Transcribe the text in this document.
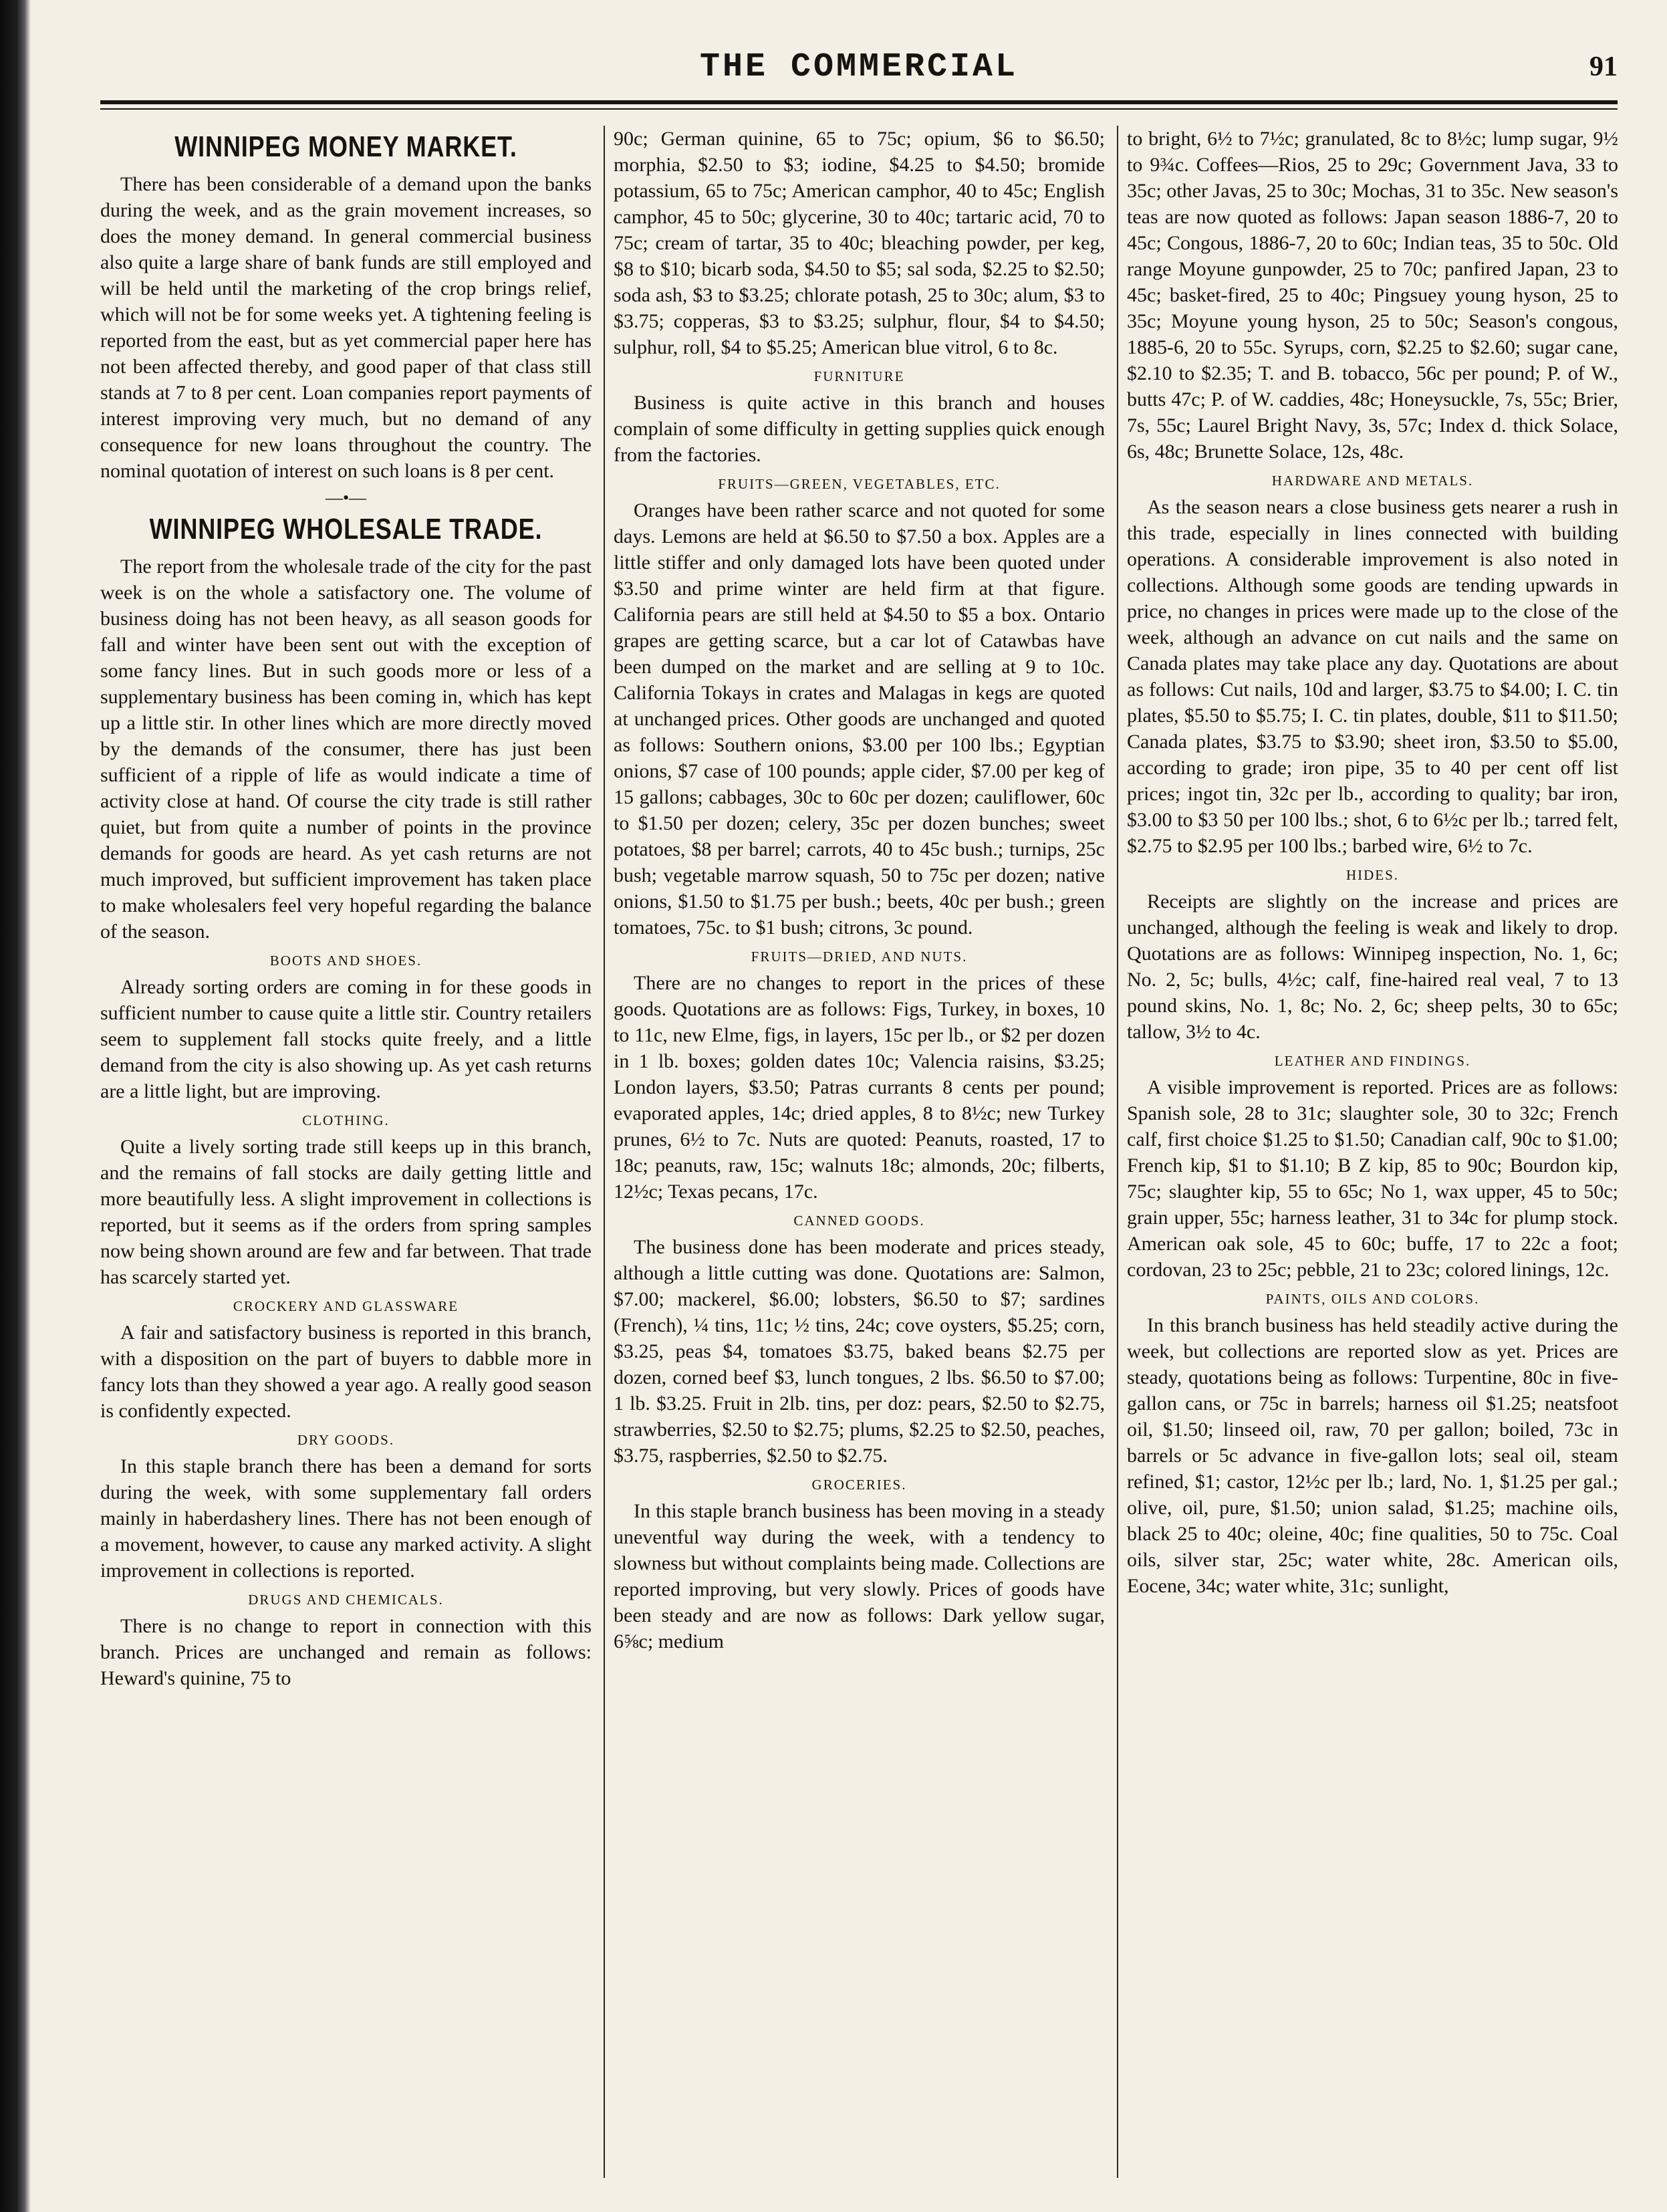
THE COMMERCIAL	91
WINNIPEG MONEY MARKET.

There has been considerable of a demand upon the banks during the week, and as the grain movement increases, so does the money demand. In general commercial business also quite a large share of bank funds are still employed and will be held until the marketing of the crop brings relief, which will not be for some weeks yet. A tightening feeling is reported from the east, but as yet commercial paper here has not been affected thereby, and good paper of that class still stands at 7 to 8 per cent. Loan companies report payments of interest improving very much, but no demand of any consequence for new loans throughout the country. The nominal quotation of interest on such loans is 8 per cent.

—•—
WINNIPEG WHOLESALE TRADE.

The report from the wholesale trade of the city for the past week is on the whole a satisfactory one. The volume of business doing has not been heavy, as all season goods for fall and winter have been sent out with the exception of some fancy lines. But in such goods more or less of a supplementary business has been coming in, which has kept up a little stir. In other lines which are more directly moved by the demands of the consumer, there has just been sufficient of a ripple of life as would indicate a time of activity close at hand. Of course the city trade is still rather quiet, but from quite a number of points in the province demands for goods are heard. As yet cash returns are not much improved, but sufficient improvement has taken place to make wholesalers feel very hopeful regarding the balance of the season.

BOOTS AND SHOES.

Already sorting orders are coming in for these goods in sufficient number to cause quite a little stir. Country retailers seem to supplement fall stocks quite freely, and a little demand from the city is also showing up. As yet cash returns are a little light, but are improving.

CLOTHING.

Quite a lively sorting trade still keeps up in this branch, and the remains of fall stocks are daily getting little and more beautifully less. A slight improvement in collections is reported, but it seems as if the orders from spring samples now being shown around are few and far between. That trade has scarcely started yet.

CROCKERY AND GLASSWARE

A fair and satisfactory business is reported in this branch, with a disposition on the part of buyers to dabble more in fancy lots than they showed a year ago. A really good season is confidently expected.

DRY GOODS.

In this staple branch there has been a demand for sorts during the week, with some supplementary fall orders mainly in haberdashery lines. There has not been enough of a movement, however, to cause any marked activity. A slight improvement in collections is reported.

DRUGS AND CHEMICALS.

There is no change to report in connection with this branch. Prices are unchanged and remain as follows: Heward's quinine, 75 to

90c; German quinine, 65 to 75c; opium, $6 to $6.50; morphia, $2.50 to $3; iodine, $4.25 to $4.50; bromide potassium, 65 to 75c; American camphor, 40 to 45c; English camphor, 45 to 50c; glycerine, 30 to 40c; tartaric acid, 70 to 75c; cream of tartar, 35 to 40c; bleaching powder, per keg, $8 to $10; bicarb soda, $4.50 to $5; sal soda, $2.25 to $2.50; soda ash, $3 to $3.25; chlorate potash, 25 to 30c; alum, $3 to $3.75; copperas, $3 to $3.25; sulphur, flour, $4 to $4.50; sulphur, roll, $4 to $5.25; American blue vitrol, 6 to 8c.

FURNITURE

Business is quite active in this branch and houses complain of some difficulty in getting supplies quick enough from the factories.

FRUITS—GREEN, VEGETABLES, ETC.

Oranges have been rather scarce and not quoted for some days. Lemons are held at $6.50 to $7.50 a box. Apples are a little stiffer and only damaged lots have been quoted under $3.50 and prime winter are held firm at that figure. California pears are still held at $4.50 to $5 a box. Ontario grapes are getting scarce, but a car lot of Catawbas have been dumped on the market and are selling at 9 to 10c. California Tokays in crates and Malagas in kegs are quoted at unchanged prices. Other goods are unchanged and quoted as follows: Southern onions, $3.00 per 100 lbs.; Egyptian onions, $7 case of 100 pounds; apple cider, $7.00 per keg of 15 gallons; cabbages, 30c to 60c per dozen; cauliflower, 60c to $1.50 per dozen; celery, 35c per dozen bunches; sweet potatoes, $8 per barrel; carrots, 40 to 45c bush.; turnips, 25c bush; vegetable marrow squash, 50 to 75c per dozen; native onions, $1.50 to $1.75 per bush.; beets, 40c per bush.; green tomatoes, 75c. to $1 bush; citrons, 3c pound.

FRUITS—DRIED, AND NUTS.

There are no changes to report in the prices of these goods. Quotations are as follows: Figs, Turkey, in boxes, 10 to 11c, new Elme, figs, in layers, 15c per lb., or $2 per dozen in 1 lb. boxes; golden dates 10c; Valencia raisins, $3.25; London layers, $3.50; Patras currants 8 cents per pound; evaporated apples, 14c; dried apples, 8 to 8½c; new Turkey prunes, 6½ to 7c. Nuts are quoted: Peanuts, roasted, 17 to 18c; peanuts, raw, 15c; walnuts 18c; almonds, 20c; filberts, 12½c; Texas pecans, 17c.

CANNED GOODS.

The business done has been moderate and prices steady, although a little cutting was done. Quotations are: Salmon, $7.00; mackerel, $6.00; lobsters, $6.50 to $7; sardines (French), ¼ tins, 11c; ½ tins, 24c; cove oysters, $5.25; corn, $3.25, peas $4, tomatoes $3.75, baked beans $2.75 per dozen, corned beef $3, lunch tongues, 2 lbs. $6.50 to $7.00; 1 lb. $3.25. Fruit in 2lb. tins, per doz: pears, $2.50 to $2.75, strawberries, $2.50 to $2.75; plums, $2.25 to $2.50, peaches, $3.75, raspberries, $2.50 to $2.75.

GROCERIES.

In this staple branch business has been moving in a steady uneventful way during the week, with a tendency to slowness but without complaints being made. Collections are reported improving, but very slowly. Prices of goods have been steady and are now as follows: Dark yellow sugar, 6⅝c; medium

to bright, 6½ to 7½c; granulated, 8c to 8½c; lump sugar, 9½ to 9¾c. Coffees—Rios, 25 to 29c; Government Java, 33 to 35c; other Javas, 25 to 30c; Mochas, 31 to 35c. New season's teas are now quoted as follows: Japan season 1886-7, 20 to 45c; Congous, 1886-7, 20 to 60c; Indian teas, 35 to 50c. Old range Moyune gunpowder, 25 to 70c; panfired Japan, 23 to 45c; basket-fired, 25 to 40c; Pingsuey young hyson, 25 to 35c; Moyune young hyson, 25 to 50c; Season's congous, 1885-6, 20 to 55c. Syrups, corn, $2.25 to $2.60; sugar cane, $2.10 to $2.35; T. and B. tobacco, 56c per pound; P. of W., butts 47c; P. of W. caddies, 48c; Honeysuckle, 7s, 55c; Brier, 7s, 55c; Laurel Bright Navy, 3s, 57c; Index d. thick Solace, 6s, 48c; Brunette Solace, 12s, 48c.

HARDWARE AND METALS.

As the season nears a close business gets nearer a rush in this trade, especially in lines connected with building operations. A considerable improvement is also noted in collections. Although some goods are tending upwards in price, no changes in prices were made up to the close of the week, although an advance on cut nails and the same on Canada plates may take place any day. Quotations are about as follows: Cut nails, 10d and larger, $3.75 to $4.00; I. C. tin plates, $5.50 to $5.75; I. C. tin plates, double, $11 to $11.50; Canada plates, $3.75 to $3.90; sheet iron, $3.50 to $5.00, according to grade; iron pipe, 35 to 40 per cent off list prices; ingot tin, 32c per lb., according to quality; bar iron, $3.00 to $3 50 per 100 lbs.; shot, 6 to 6½c per lb.; tarred felt, $2.75 to $2.95 per 100 lbs.; barbed wire, 6½ to 7c.

HIDES.

Receipts are slightly on the increase and prices are unchanged, although the feeling is weak and likely to drop. Quotations are as follows: Winnipeg inspection, No. 1, 6c; No. 2, 5c; bulls, 4½c; calf, fine-haired real veal, 7 to 13 pound skins, No. 1, 8c; No. 2, 6c; sheep pelts, 30 to 65c; tallow, 3½ to 4c.

LEATHER AND FINDINGS.

A visible improvement is reported. Prices are as follows: Spanish sole, 28 to 31c; slaughter sole, 30 to 32c; French calf, first choice $1.25 to $1.50; Canadian calf, 90c to $1.00; French kip, $1 to $1.10; B Z kip, 85 to 90c; Bourdon kip, 75c; slaughter kip, 55 to 65c; No 1, wax upper, 45 to 50c; grain upper, 55c; harness leather, 31 to 34c for plump stock. American oak sole, 45 to 60c; buffe, 17 to 22c a foot; cordovan, 23 to 25c; pebble, 21 to 23c; colored linings, 12c.

PAINTS, OILS AND COLORS.

In this branch business has held steadily active during the week, but collections are reported slow as yet. Prices are steady, quotations being as follows: Turpentine, 80c in five-gallon cans, or 75c in barrels; harness oil $1.25; neatsfoot oil, $1.50; linseed oil, raw, 70 per gallon; boiled, 73c in barrels or 5c advance in five-gallon lots; seal oil, steam refined, $1; castor, 12½c per lb.; lard, No. 1, $1.25 per gal.; olive, oil, pure, $1.50; union salad, $1.25; machine oils, black 25 to 40c; oleine, 40c; fine qualities, 50 to 75c. Coal oils, silver star, 25c; water white, 28c. American oils, Eocene, 34c; water white, 31c; sunlight,
